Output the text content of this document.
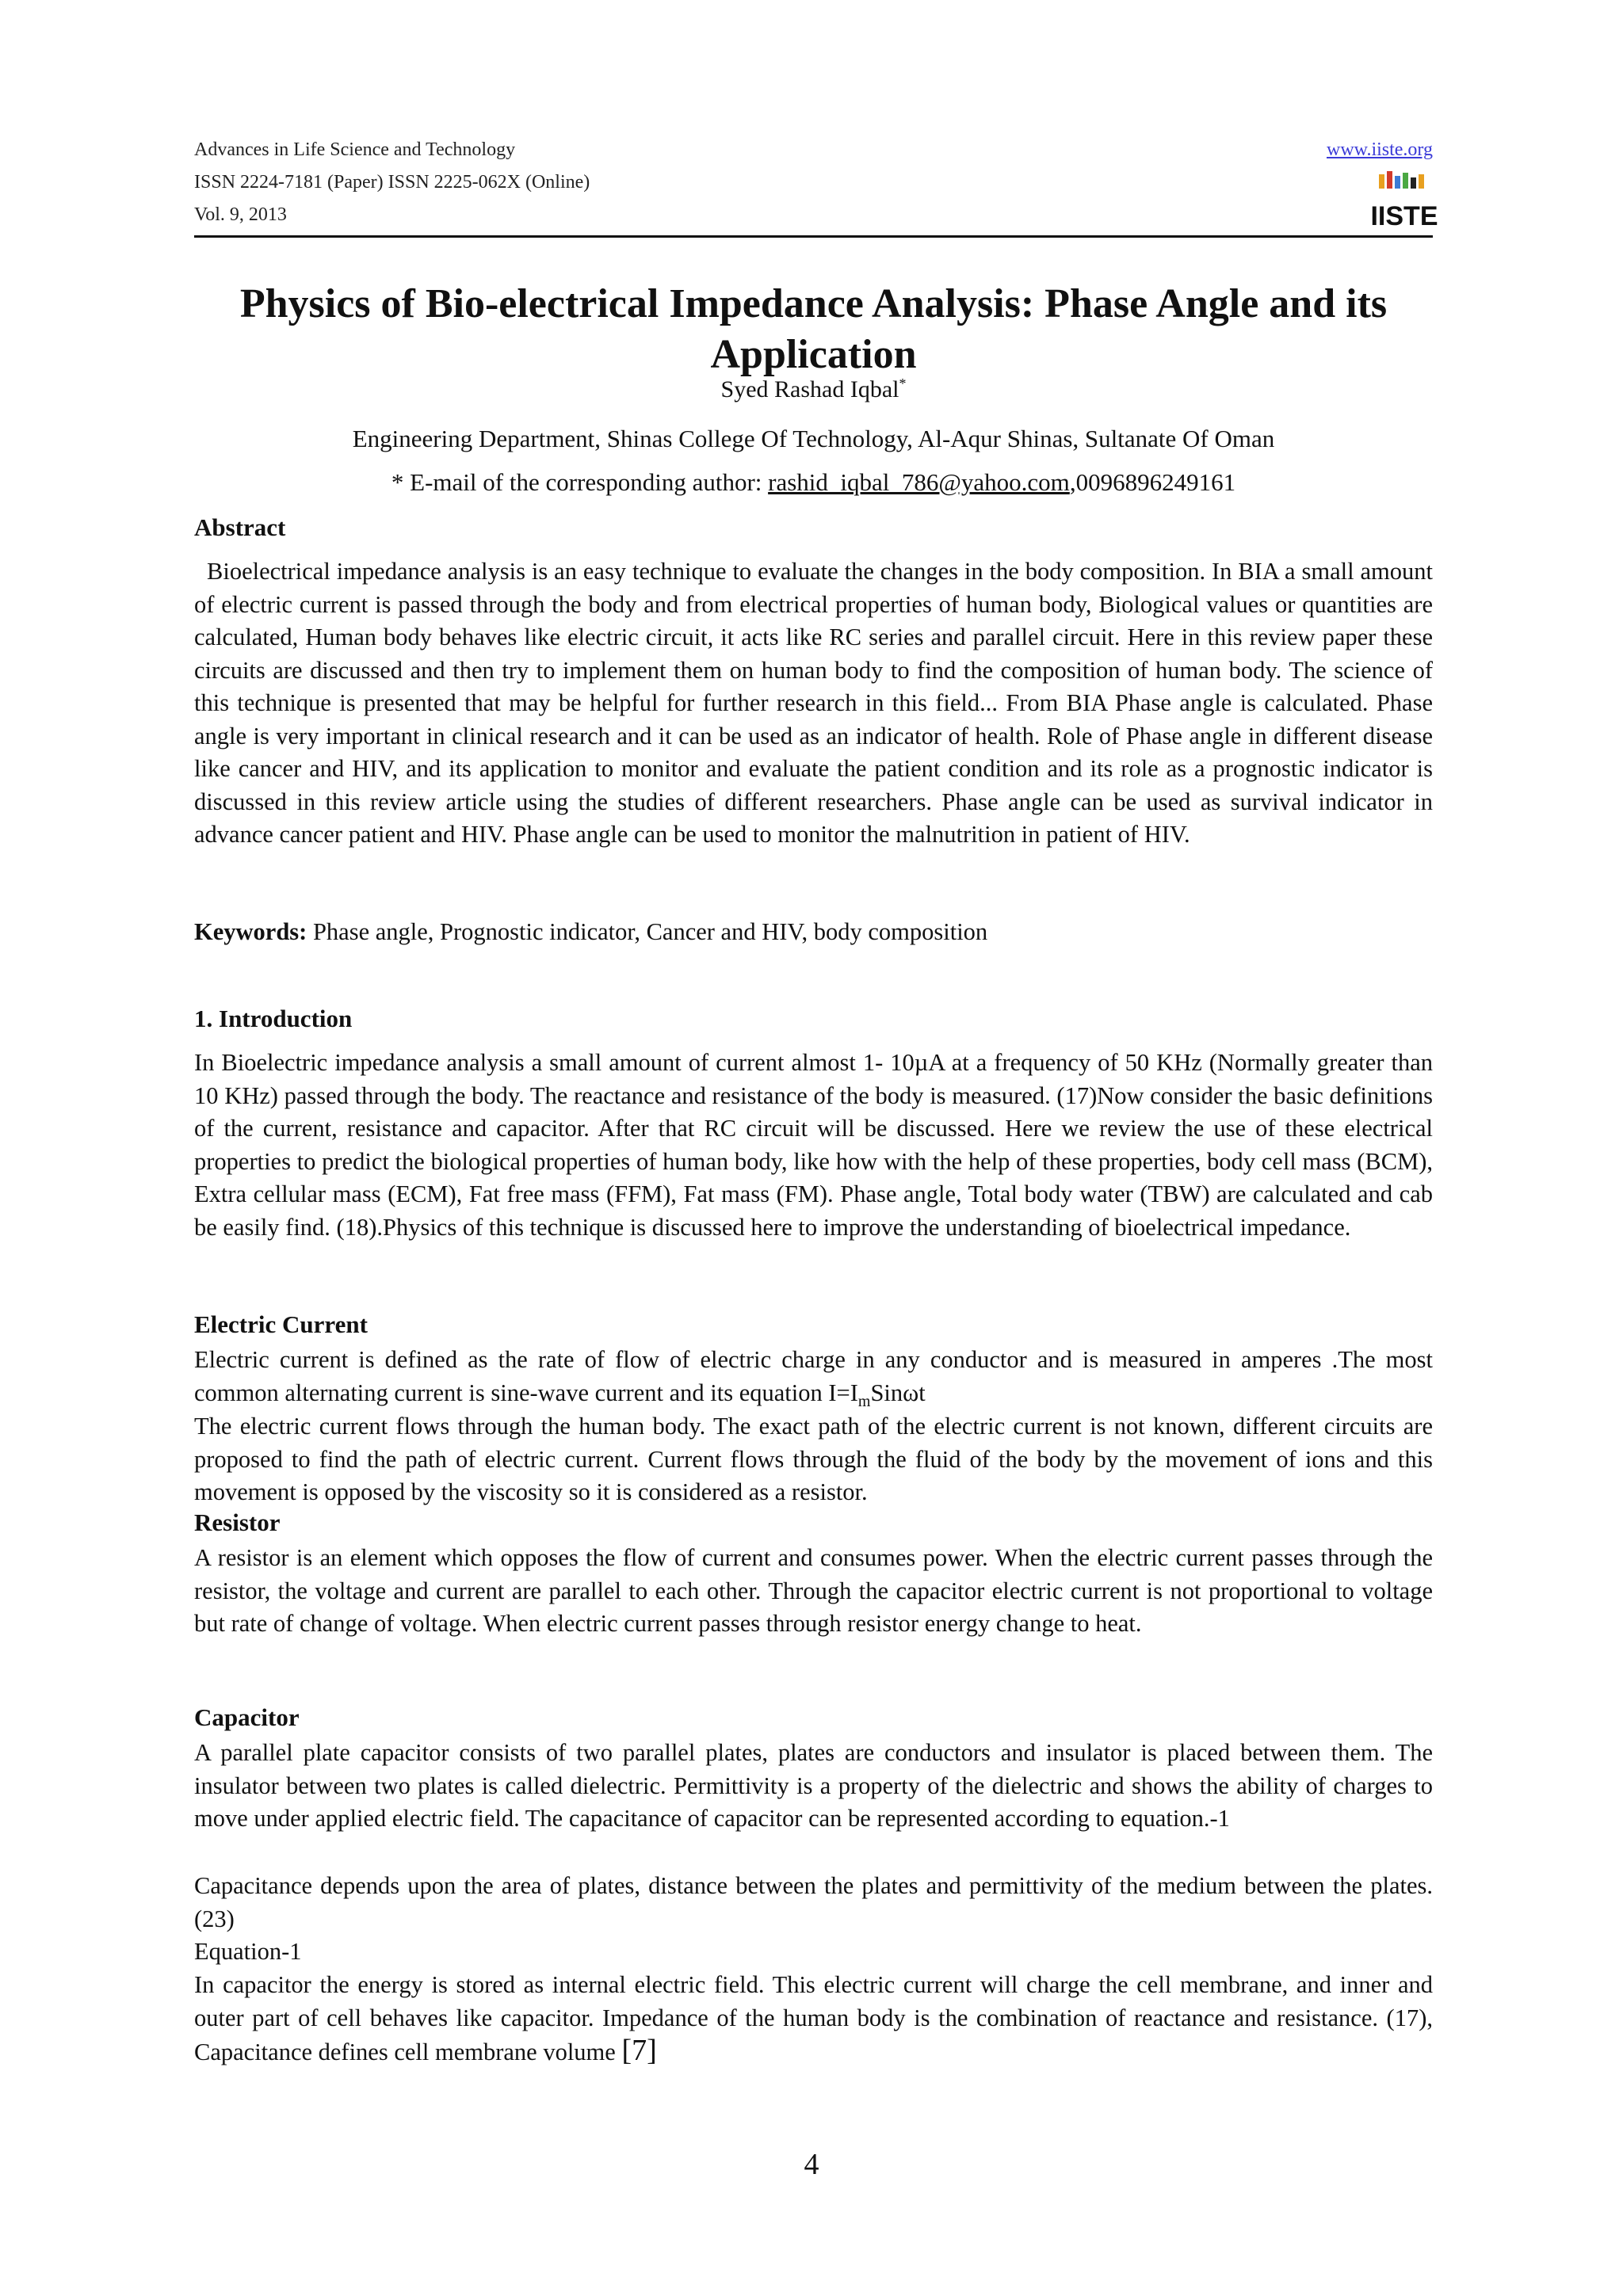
Advances in Life Science and Technology
ISSN 2224-7181 (Paper) ISSN 2225-062X (Online)
Vol. 9, 2013
www.iiste.org
IISTE
Physics of Bio-electrical Impedance Analysis: Phase Angle and its Application
Syed Rashad Iqbal*
Engineering Department, Shinas College Of Technology, Al-Aqur Shinas, Sultanate Of Oman
* E-mail of the corresponding author: rashid_iqbal_786@yahoo.com,0096896249161
Abstract
Bioelectrical impedance analysis is an easy technique to evaluate the changes in the body composition. In BIA a small amount of electric current is passed through the body and from electrical properties of human body, Biological values or quantities are calculated, Human body behaves like electric circuit, it acts like RC series and parallel circuit. Here in this review paper these circuits are discussed and then try to implement them on human body to find the composition of human body. The science of this technique is presented that may be helpful for further research in this field... From BIA Phase angle is calculated. Phase angle is very important in clinical research and it can be used as an indicator of health. Role of Phase angle in different disease like cancer and HIV, and its application to monitor and evaluate the patient condition and its role as a prognostic indicator is discussed in this review article using the studies of different researchers. Phase angle can be used as survival indicator in advance cancer patient and HIV. Phase angle can be used to monitor the malnutrition in patient of HIV.
Keywords: Phase angle, Prognostic indicator, Cancer and HIV, body composition
1. Introduction
In Bioelectric impedance analysis a small amount of current almost 1- 10µA at a frequency of 50 KHz (Normally greater than 10 KHz) passed through the body. The reactance and resistance of the body is measured. (17)Now consider the basic definitions of the current, resistance and capacitor. After that RC circuit will be discussed. Here we review the use of these electrical properties to predict the biological properties of human body, like how with the help of these properties, body cell mass (BCM), Extra cellular mass (ECM), Fat free mass (FFM), Fat mass (FM). Phase angle, Total body water (TBW) are calculated and cab be easily find. (18).Physics of this technique is discussed here to improve the understanding of bioelectrical impedance.
Electric Current
Electric current is defined as the rate of flow of electric charge in any conductor and is measured in amperes .The most common alternating current is sine-wave current and its equation $I=I_mSin\omega t$
The electric current flows through the human body. The exact path of the electric current is not known, different circuits are proposed to find the path of electric current. Current flows through the fluid of the body by the movement of ions and this movement is opposed by the viscosity so it is considered as a resistor.
Resistor
A resistor is an element which opposes the flow of current and consumes power. When the electric current passes through the resistor, the voltage and current are parallel to each other. Through the capacitor electric current is not proportional to voltage but rate of change of voltage. When electric current passes through resistor energy change to heat.
Capacitor
A parallel plate capacitor consists of two parallel plates, plates are conductors and insulator is placed between them. The insulator between two plates is called dielectric. Permittivity is a property of the dielectric and shows the ability of charges to move under applied electric field. The capacitance of capacitor can be represented according to equation.-1
Capacitance depends upon the area of plates, distance between the plates and permittivity of the medium between the plates. (23)
Equation-1
In capacitor the energy is stored as internal electric field. This electric current will charge the cell membrane, and inner and outer part of cell behaves like capacitor. Impedance of the human body is the combination of reactance and resistance. (17), Capacitance defines cell membrane volume [7]
4
